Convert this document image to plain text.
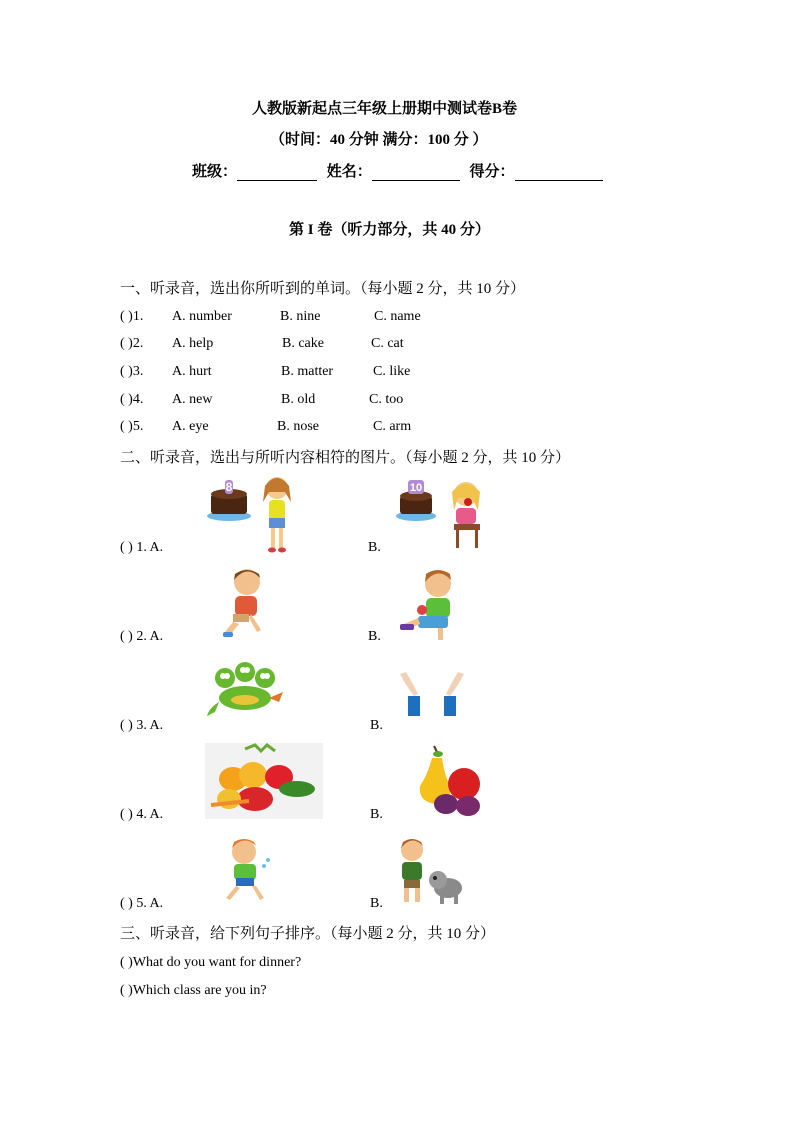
人教版新起点三年级上册期中测试卷B卷
（时间：40 分钟 满分：100 分 ）
班级：	姓名：	得分：
第 I 卷（听力部分，共 40 分）
一、听录音，选出你所听到的单词。（每小题 2 分，共 10 分）
( )1. A. number	B. nine	C. name
( )2. A. help	B. cake	C. cat
( )3. A. hurt	B. matter	C. like
( )4. A. new	B. old	C. too
( )5. A. eye	B. nose	C. arm
二、听录音，选出与所听内容相符的图片。（每小题 2 分，共 10 分）
8	10
( ) 1. A.	B.
( ) 2. A.	B.
( ) 3. A.	B.
( ) 4. A.	B.
( ) 5. A.	B.
三、听录音，给下列句子排序。（每小题 2 分，共 10 分）
( )What do you want for dinner?
( )Which class are you in?
